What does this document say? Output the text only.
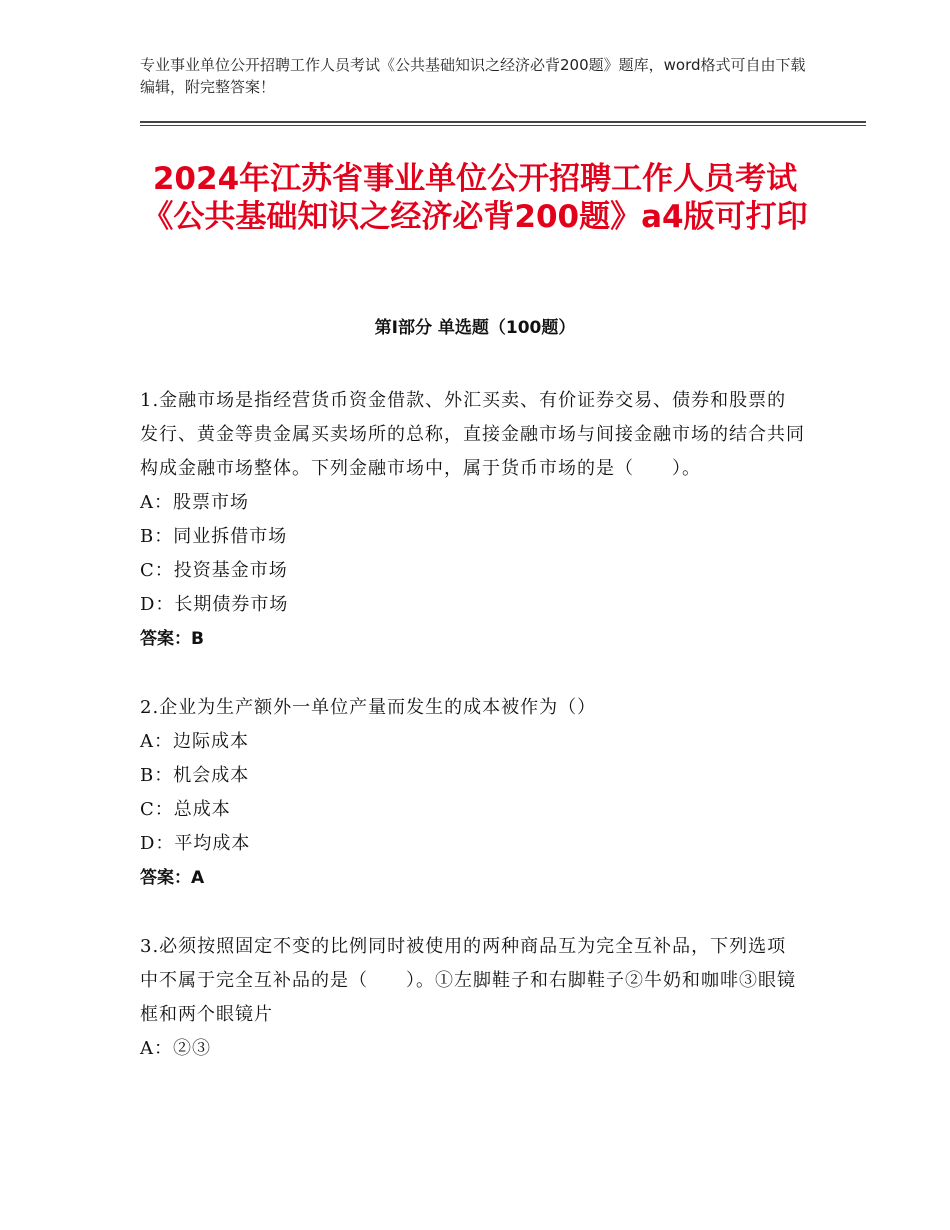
专业事业单位公开招聘工作人员考试《公共基础知识之经济必背200题》题库，word格式可自由下载编辑，附完整答案！
2024年江苏省事业单位公开招聘工作人员考试《公共基础知识之经济必背200题》a4版可打印
第I部分 单选题（100题）
1.金融市场是指经营货币资金借款、外汇买卖、有价证券交易、债券和股票的发行、黄金等贵金属买卖场所的总称，直接金融市场与间接金融市场的结合共同构成金融市场整体。下列金融市场中，属于货币市场的是（　　）。
A：股票市场
B：同业拆借市场
C：投资基金市场
D：长期债券市场
答案：B
2.企业为生产额外一单位产量而发生的成本被作为（）
A：边际成本
B：机会成本
C：总成本
D：平均成本
答案：A
3.必须按照固定不变的比例同时被使用的两种商品互为完全互补品，下列选项中不属于完全互补品的是（　　）。①左脚鞋子和右脚鞋子②牛奶和咖啡③眼镜框和两个眼镜片
A：②③
